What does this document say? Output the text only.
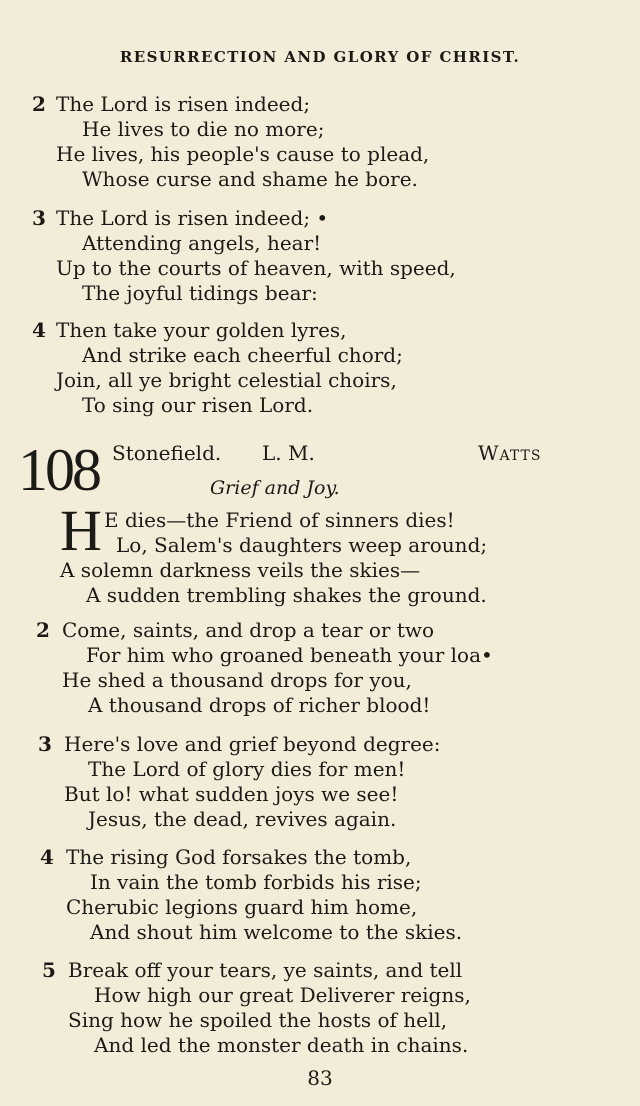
RESURRECTION AND GLORY OF CHRIST.
2 The Lord is risen indeed;
He lives to die no more;
He lives, his people's cause to plead,
Whose curse and shame he bore.
3 The Lord is risen indeed; •
Attending angels, hear!
Up to the courts of heaven, with speed,
The joyful tidings bear:
4 Then take your golden lyres,
And strike each cheerful chord;
Join, all ye bright celestial choirs,
To sing our risen Lord.
108 Stonefield. L. M.	Watts
Grief and Joy.
H E dies—the Friend of sinners dies!
Lo, Salem's daughters weep around;
A solemn darkness veils the skies—
A sudden trembling shakes the ground.
2 Come, saints, and drop a tear or two
For him who groaned beneath your loa•
He shed a thousand drops for you,
A thousand drops of richer blood!
3 Here's love and grief beyond degree:
The Lord of glory dies for men!
But lo! what sudden joys we see!
Jesus, the dead, revives again.
4 The rising God forsakes the tomb,
In vain the tomb forbids his rise;
Cherubic legions guard him home,
And shout him welcome to the skies.
5 Break off your tears, ye saints, and tell
How high our great Deliverer reigns,
Sing how he spoiled the hosts of hell,
And led the monster death in chains.
83
